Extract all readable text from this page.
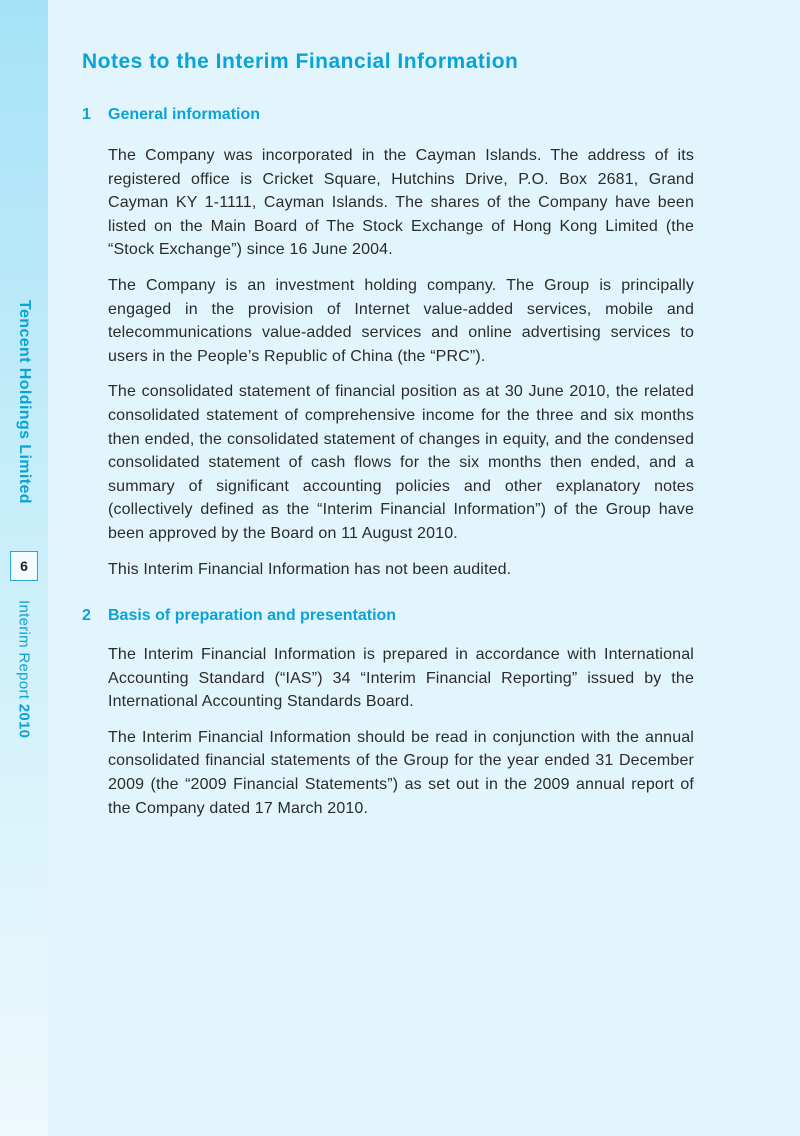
Tencent Holdings Limited
6
Interim Report 2010
Notes to the Interim Financial Information
1	General information

The Company was incorporated in the Cayman Islands. The address of its registered office is Cricket Square, Hutchins Drive, P.O. Box 2681, Grand Cayman KY 1-1111, Cayman Islands. The shares of the Company have been listed on the Main Board of The Stock Exchange of Hong Kong Limited (the “Stock Exchange”) since 16 June 2004.

The Company is an investment holding company. The Group is principally engaged in the provision of Internet value-added services, mobile and telecommunications value-added services and online advertising services to users in the People’s Republic of China (the “PRC”).

The consolidated statement of financial position as at 30 June 2010, the related consolidated statement of comprehensive income for the three and six months then ended, the consolidated statement of changes in equity, and the condensed consolidated statement of cash flows for the six months then ended, and a summary of significant accounting policies and other explanatory notes (collectively defined as the “Interim Financial Information”) of the Group have been approved by the Board on 11 August 2010.

This Interim Financial Information has not been audited.

2	Basis of preparation and presentation

The Interim Financial Information is prepared in accordance with International Accounting Standard (“IAS”) 34 “Interim Financial Reporting” issued by the International Accounting Standards Board.

The Interim Financial Information should be read in conjunction with the annual consolidated financial statements of the Group for the year ended 31 December 2009 (the “2009 Financial Statements”) as set out in the 2009 annual report of the Company dated 17 March 2010.
